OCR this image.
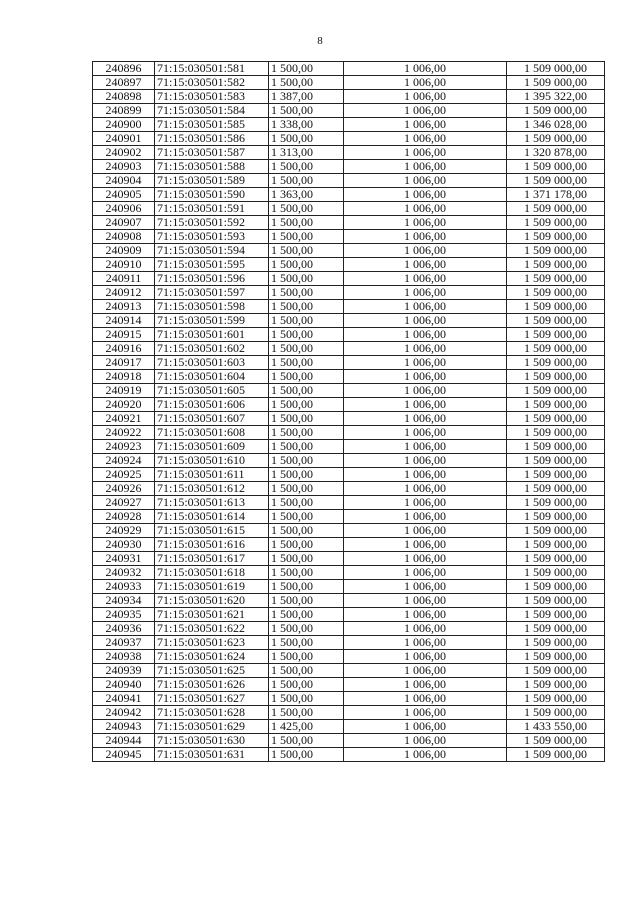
8
240896	71:15:030501:581	1 500,00	1 006,00	1 509 000,00
240897	71:15:030501:582	1 500,00	1 006,00	1 509 000,00
240898	71:15:030501:583	1 387,00	1 006,00	1 395 322,00
240899	71:15:030501:584	1 500,00	1 006,00	1 509 000,00
240900	71:15:030501:585	1 338,00	1 006,00	1 346 028,00
240901	71:15:030501:586	1 500,00	1 006,00	1 509 000,00
240902	71:15:030501:587	1 313,00	1 006,00	1 320 878,00
240903	71:15:030501:588	1 500,00	1 006,00	1 509 000,00
240904	71:15:030501:589	1 500,00	1 006,00	1 509 000,00
240905	71:15:030501:590	1 363,00	1 006,00	1 371 178,00
240906	71:15:030501:591	1 500,00	1 006,00	1 509 000,00
240907	71:15:030501:592	1 500,00	1 006,00	1 509 000,00
240908	71:15:030501:593	1 500,00	1 006,00	1 509 000,00
240909	71:15:030501:594	1 500,00	1 006,00	1 509 000,00
240910	71:15:030501:595	1 500,00	1 006,00	1 509 000,00
240911	71:15:030501:596	1 500,00	1 006,00	1 509 000,00
240912	71:15:030501:597	1 500,00	1 006,00	1 509 000,00
240913	71:15:030501:598	1 500,00	1 006,00	1 509 000,00
240914	71:15:030501:599	1 500,00	1 006,00	1 509 000,00
240915	71:15:030501:601	1 500,00	1 006,00	1 509 000,00
240916	71:15:030501:602	1 500,00	1 006,00	1 509 000,00
240917	71:15:030501:603	1 500,00	1 006,00	1 509 000,00
240918	71:15:030501:604	1 500,00	1 006,00	1 509 000,00
240919	71:15:030501:605	1 500,00	1 006,00	1 509 000,00
240920	71:15:030501:606	1 500,00	1 006,00	1 509 000,00
240921	71:15:030501:607	1 500,00	1 006,00	1 509 000,00
240922	71:15:030501:608	1 500,00	1 006,00	1 509 000,00
240923	71:15:030501:609	1 500,00	1 006,00	1 509 000,00
240924	71:15:030501:610	1 500,00	1 006,00	1 509 000,00
240925	71:15:030501:611	1 500,00	1 006,00	1 509 000,00
240926	71:15:030501:612	1 500,00	1 006,00	1 509 000,00
240927	71:15:030501:613	1 500,00	1 006,00	1 509 000,00
240928	71:15:030501:614	1 500,00	1 006,00	1 509 000,00
240929	71:15:030501:615	1 500,00	1 006,00	1 509 000,00
240930	71:15:030501:616	1 500,00	1 006,00	1 509 000,00
240931	71:15:030501:617	1 500,00	1 006,00	1 509 000,00
240932	71:15:030501:618	1 500,00	1 006,00	1 509 000,00
240933	71:15:030501:619	1 500,00	1 006,00	1 509 000,00
240934	71:15:030501:620	1 500,00	1 006,00	1 509 000,00
240935	71:15:030501:621	1 500,00	1 006,00	1 509 000,00
240936	71:15:030501:622	1 500,00	1 006,00	1 509 000,00
240937	71:15:030501:623	1 500,00	1 006,00	1 509 000,00
240938	71:15:030501:624	1 500,00	1 006,00	1 509 000,00
240939	71:15:030501:625	1 500,00	1 006,00	1 509 000,00
240940	71:15:030501:626	1 500,00	1 006,00	1 509 000,00
240941	71:15:030501:627	1 500,00	1 006,00	1 509 000,00
240942	71:15:030501:628	1 500,00	1 006,00	1 509 000,00
240943	71:15:030501:629	1 425,00	1 006,00	1 433 550,00
240944	71:15:030501:630	1 500,00	1 006,00	1 509 000,00
240945	71:15:030501:631	1 500,00	1 006,00	1 509 000,00
